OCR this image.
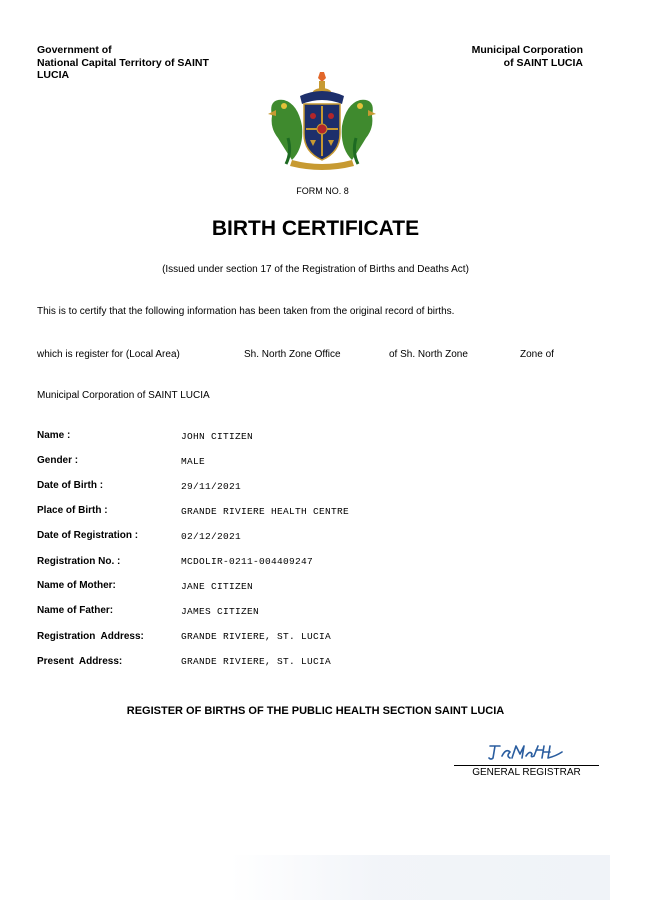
Government of
National Capital Territory of SAINT
LUCIA
Municipal Corporation
of SAINT LUCIA
FORM NO. 8
BIRTH CERTIFICATE
(Issued under section 17 of the Registration of Births and Deaths Act)
This is to certify that the following information has been taken from the original record of births.
which is register for (Local Area)	Sh. North Zone Office	of Sh. North Zone	Zone of
Municipal Corporation of SAINT LUCIA
Name :	JOHN CITIZEN
Gender :	MALE
Date of Birth :	29/11/2021
Place of Birth :	GRANDE RIVIERE HEALTH CENTRE
Date of Registration :	02/12/2021
Registration No. :	MCDOLIR-0211-004409247
Name of Mother:	JANE CITIZEN
Name of Father:	JAMES CITIZEN
Registration  Address:	GRANDE RIVIERE, ST. LUCIA
Present  Address:	GRANDE RIVIERE, ST. LUCIA
REGISTER OF BIRTHS OF THE PUBLIC HEALTH SECTION SAINT LUCIA
GENERAL REGISTRAR
